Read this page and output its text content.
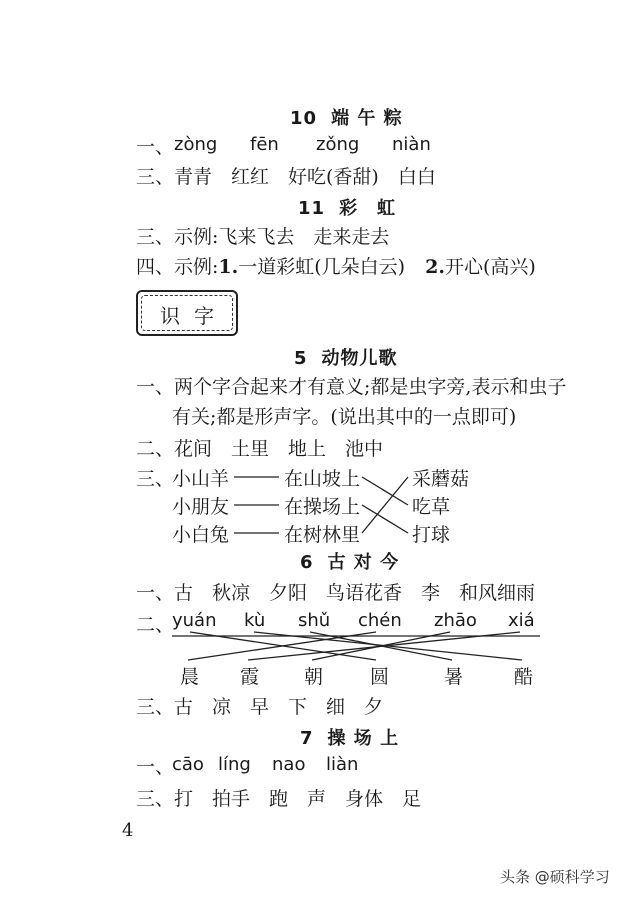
10 端 午 粽
一、 zòng fēn zǒng niàn
三、青青　红红　好吃(香甜)　白白
11 彩　虹
三、示例:飞来飞去　走来走去
四、示例:1.一道彩虹(几朵白云) 2.开心(高兴)
识字
5 动物儿歌
一、两个字合起来才有意义;都是虫字旁,表示和虫子
有关;都是形声字。(说出其中的一点即可)
二、花间　土里　地上　池中
三、
小山羊
小朋友
小白兔
在山坡上
在操场上
在树林里
采蘑菇
吃草
打球
6 古 对 今
一、古　秋凉　夕阳　鸟语花香　李　和风细雨
二、
yuán kù shǔ chén zhāo xiá
晨 霞 朝 圆	暑	酷
三、古　凉　早　下　细　夕
7 操 场 上
一、
cāo líng nao liàn
三、打　拍手　跑　声　身体　足
4
头条 @硕科学习
